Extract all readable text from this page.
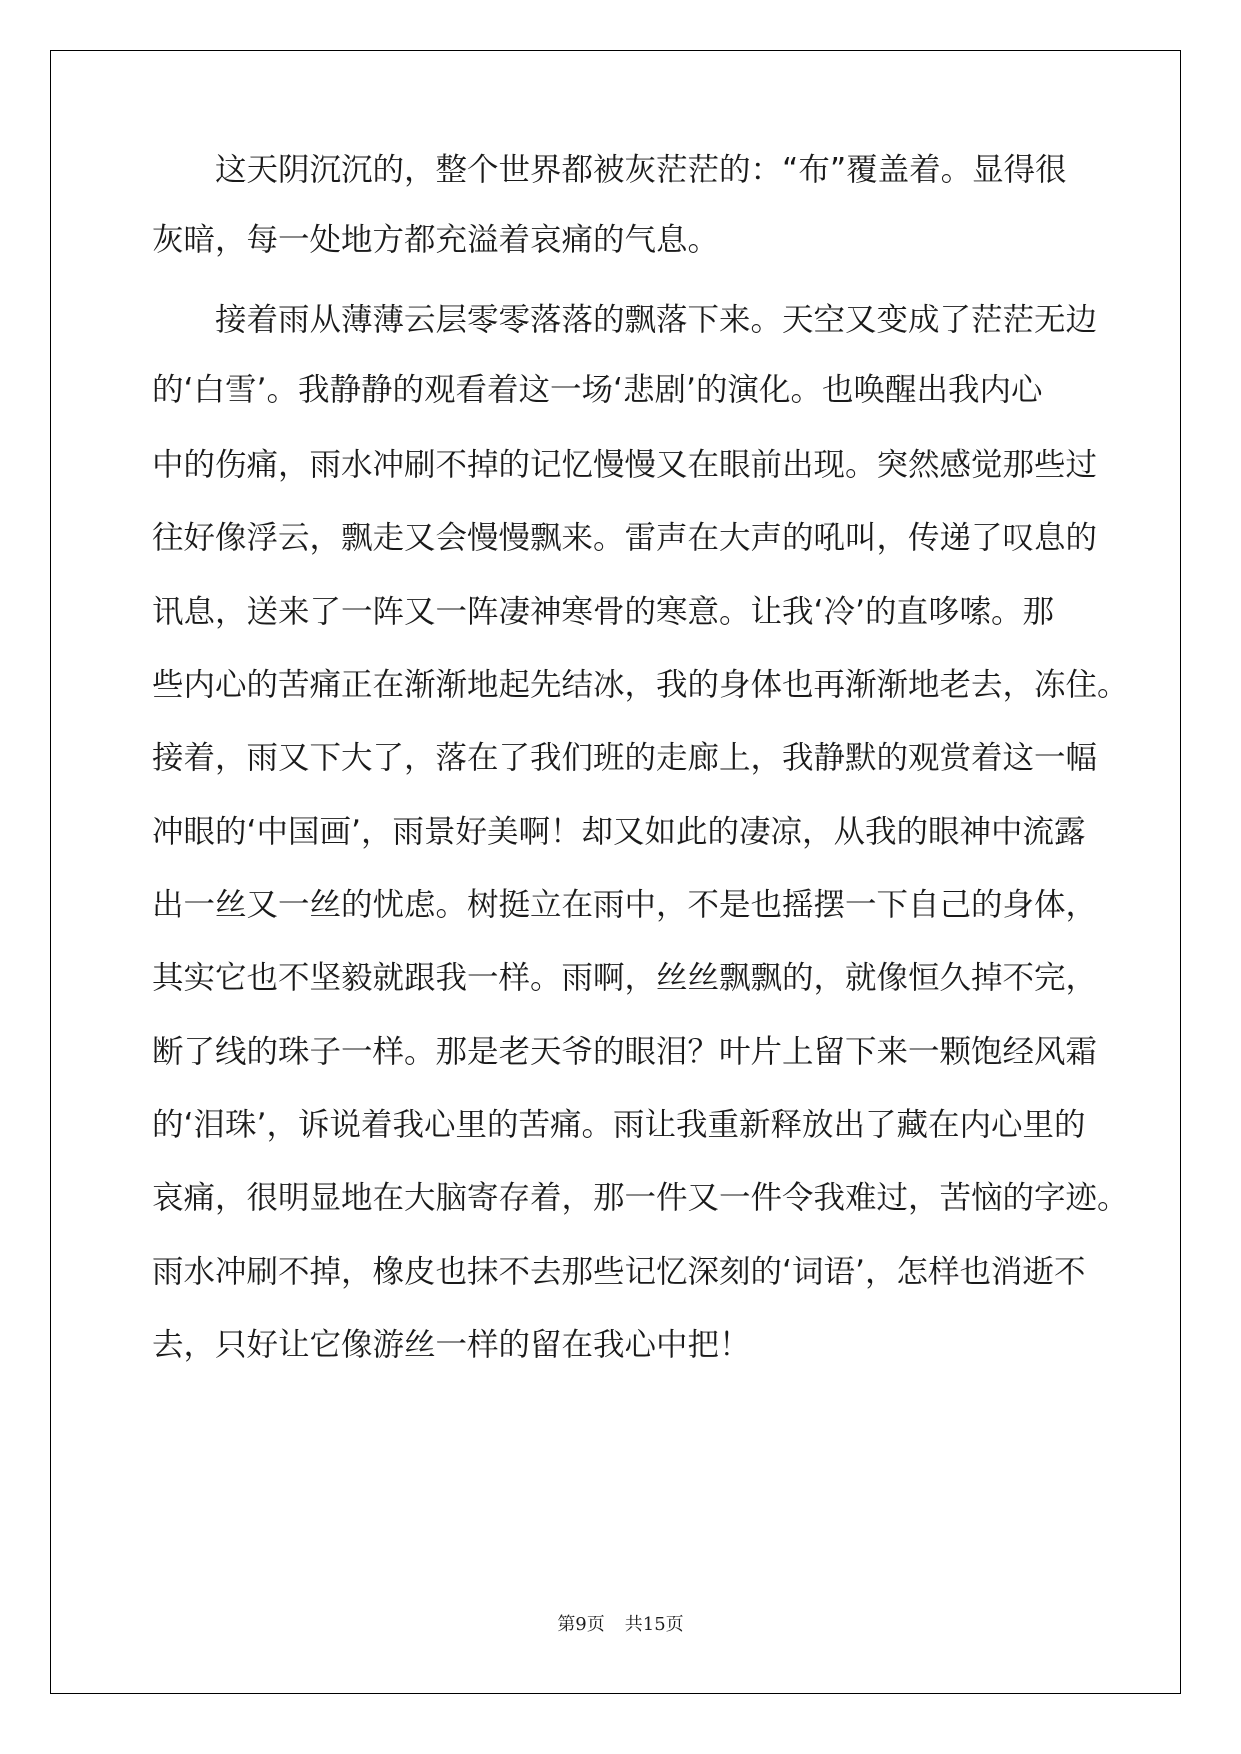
这天阴沉沉的，整个世界都被灰茫茫的：“布”覆盖着。显得很
灰暗，每一处地方都充溢着哀痛的气息。
接着雨从薄薄云层零零落落的飘落下来。天空又变成了茫茫无边
的‘白雪’。我静静的观看着这一场‘悲剧’的演化。也唤醒出我内心
中的伤痛，雨水冲刷不掉的记忆慢慢又在眼前出现。突然感觉那些过
往好像浮云，飘走又会慢慢飘来。雷声在大声的吼叫，传递了叹息的
讯息，送来了一阵又一阵凄神寒骨的寒意。让我‘冷’的直哆嗦。那
些内心的苦痛正在渐渐地起先结冰，我的身体也再渐渐地老去，冻住。
接着，雨又下大了，落在了我们班的走廊上，我静默的观赏着这一幅
冲眼的‘中国画’，雨景好美啊！却又如此的凄凉，从我的眼神中流露
出一丝又一丝的忧虑。树挺立在雨中，不是也摇摆一下自己的身体，
其实它也不坚毅就跟我一样。雨啊，丝丝飘飘的，就像恒久掉不完，
断了线的珠子一样。那是老天爷的眼泪？叶片上留下来一颗饱经风霜
的‘泪珠’，诉说着我心里的苦痛。雨让我重新释放出了藏在内心里的
哀痛，很明显地在大脑寄存着，那一件又一件令我难过，苦恼的字迹。
雨水冲刷不掉，橡皮也抹不去那些记忆深刻的‘词语’，怎样也消逝不
去，只好让它像游丝一样的留在我心中把！
第9页 共15页
